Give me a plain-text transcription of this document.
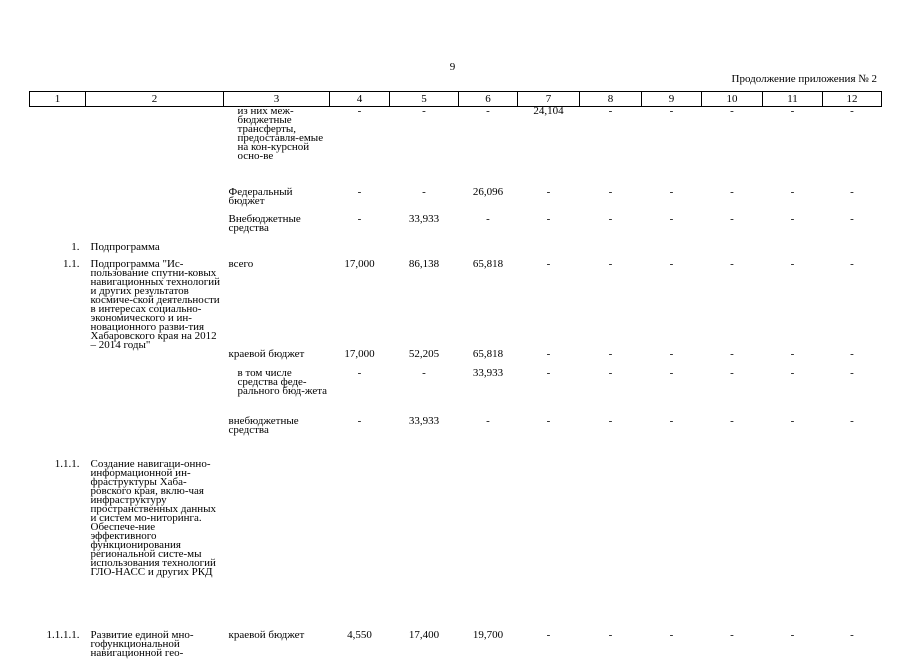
9
Продолжение приложения № 2
1	2	3	4	5	6	7	8	9	10	11	12
		из них меж-бюджетные трансферты, предоставля-емые на кон-курсной осно-ве	-	-	-	24,104	-	-	-	-	-
		Федеральный бюджет	-	-	26,096	-	-	-	-	-	-
		Внебюджетные средства	-	33,933	-	-	-	-	-	-	-
1.	Подпрограмма										
1.1.	Подпрограмма "Ис-пользование спутни-ковых навигационных технологий и других результатов космиче-ской деятельности в интересах социально-экономического и ин-новационного разви-тия Хабаровского края на 2012 – 2014 годы"	всего	17,000	86,138	65,818	-	-	-	-	-	-
		краевой бюджет	17,000	52,205	65,818	-	-	-	-	-	-
		в том числе средства феде-рального бюд-жета	-	-	33,933	-	-	-	-	-	-
		внебюджетные средства	-	33,933	-	-	-	-	-	-	-
1.1.1.	Создание навигаци-онно-информационной ин-фраструктуры Хаба-ровского края, вклю-чая инфраструктуру пространственных данных и систем мо-ниторинга. Обеспече-ние эффективного функционирования региональной систе-мы использования технологий ГЛО-НАСС и других РКД										
1.1.1.1.	Развитие единой мно-гофункциональной навигационной гео-	краевой бюджет	4,550	17,400	19,700	-	-	-	-	-	-
